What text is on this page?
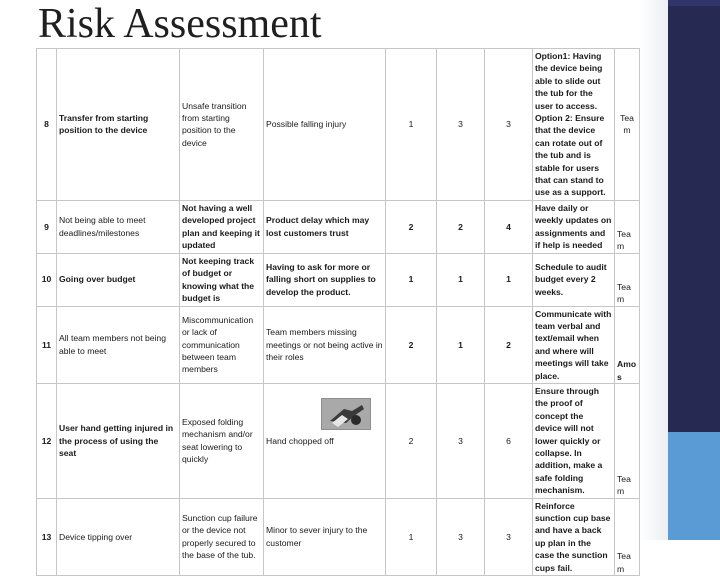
Risk Assessment
8	Transfer from starting position to the device	Unsafe transition from starting position to the device	Possible falling injury	1	3	3	Option1: Having the device being able to slide out the tub for the user to access. Option 2: Ensure that the device can rotate out of the tub and is stable for users that can stand to use as a support.	Team
9	Not being able to meet deadlines/milestones	Not having a well developed project plan and keeping it updated	Product delay which may lost customers trust	2	2	4	Have daily or weekly updates on assignments and if help is needed	Team
10	Going over budget	Not keeping track of budget or knowing what the budget is	Having to ask for more or falling short on supplies to develop the product.	1	1	1	Schedule to audit budget every 2 weeks.	Team
11	All team members not being able to meet	Miscommunication or lack of communication between team members	Team members missing meetings or not being active in their roles	2	1	2	Communicate with team verbal and text/email when and where will meetings will take place.	Amos
12	User hand getting injured in the process of using the seat	Exposed folding mechanism and/or seat lowering to quickly	Hand chopped off	2	3	6	Ensure through the proof of concept the device will not lower quickly or collapse. In addition, make a safe folding mechanism.	Team
13	Device tipping over	Sunction cup failure or the device not properly secured to the base of the tub.	Minor to sever injury to the customer	1	3	3	Reinforce sunction cup base and have a back up plan in the case the sunction cups fail.	Team
